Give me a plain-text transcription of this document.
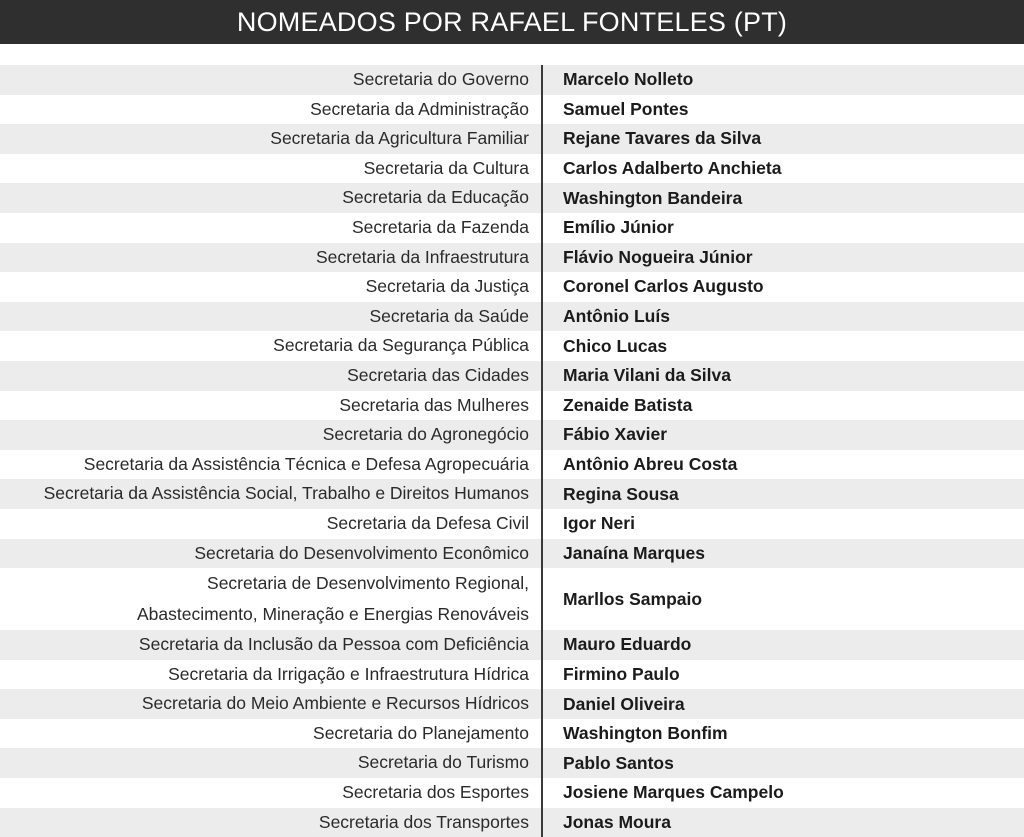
NOMEADOS POR RAFAEL FONTELES (PT)
Secretaria do Governo Marcelo Nolleto
Secretaria da Administração Samuel Pontes
Secretaria da Agricultura Familiar Rejane Tavares da Silva
Secretaria da Cultura Carlos Adalberto Anchieta
Secretaria da Educação Washington Bandeira
Secretaria da Fazenda Emílio Júnior
Secretaria da Infraestrutura Flávio Nogueira Júnior
Secretaria da Justiça Coronel Carlos Augusto
Secretaria da Saúde Antônio Luís
Secretaria da Segurança Pública Chico Lucas
Secretaria das Cidades Maria Vilani da Silva
Secretaria das Mulheres Zenaide Batista
Secretaria do Agronegócio Fábio Xavier
Secretaria da Assistência Técnica e Defesa Agropecuária Antônio Abreu Costa
Secretaria da Assistência Social, Trabalho e Direitos Humanos Regina Sousa
Secretaria da Defesa Civil Igor Neri
Secretaria do Desenvolvimento Econômico Janaína Marques
Secretaria de Desenvolvimento Regional,
Abastecimento, Mineração e Energias Renováveis
Marllos Sampaio
Secretaria da Inclusão da Pessoa com Deficiência Mauro Eduardo
Secretaria da Irrigação e Infraestrutura Hídrica Firmino Paulo
Secretaria do Meio Ambiente e Recursos Hídricos Daniel Oliveira
Secretaria do Planejamento Washington Bonfim
Secretaria do Turismo Pablo Santos
Secretaria dos Esportes Josiene Marques Campelo
Secretaria dos Transportes Jonas Moura
